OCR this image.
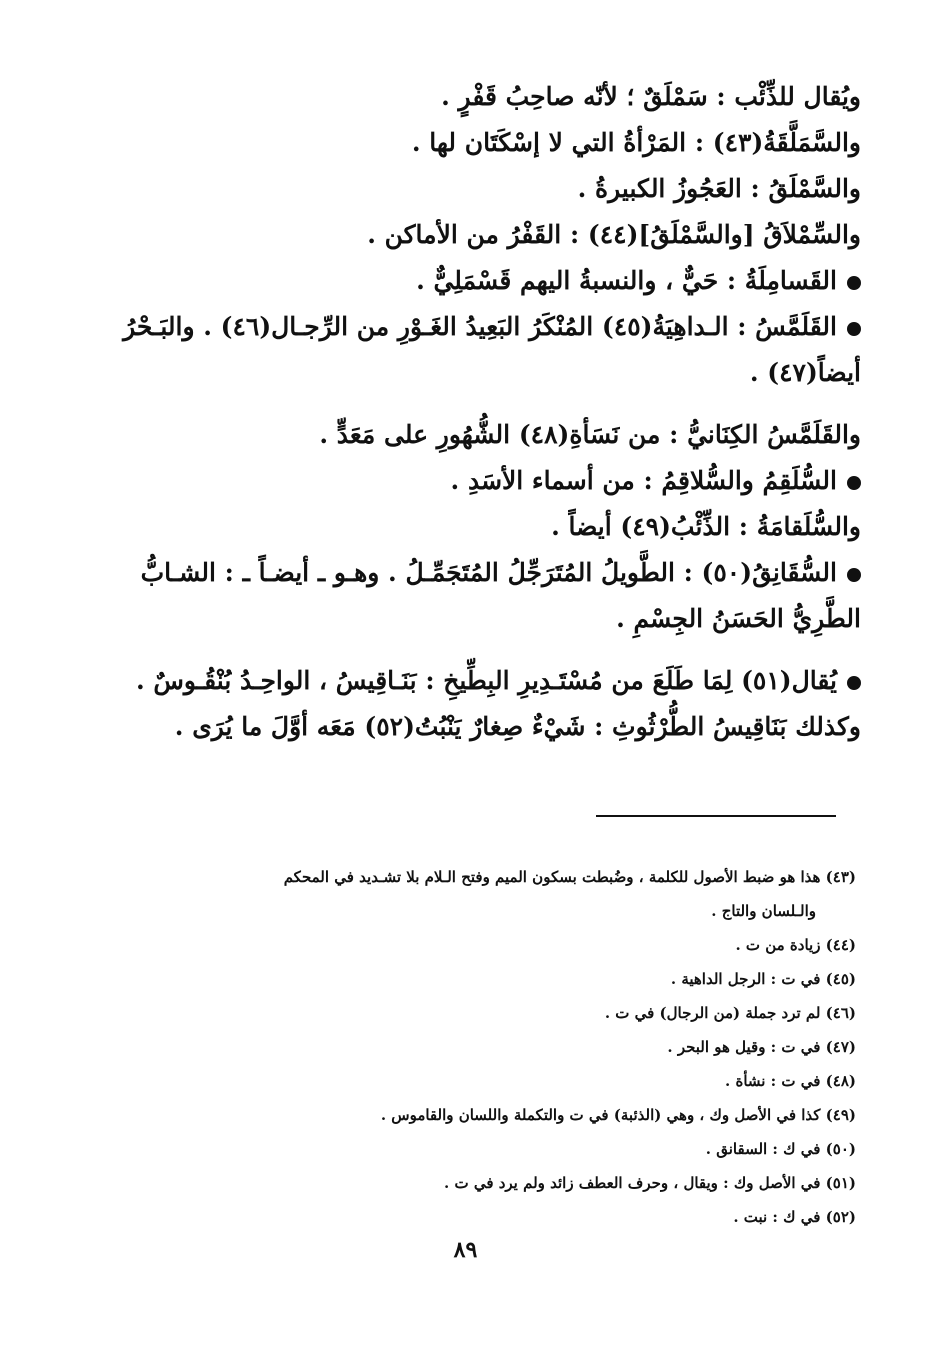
ويُقال للذِّئْب : سَمْلَقٌ ؛ لأنّه صاحِبُ قَفْرٍ .
والسَّمَلَّقَةُ(٤٣) : المَرْأةُ التي لا إسْكَتَان لها .
والسَّمْلَقُ : العَجُوزُ الكبيرةُ .
والسِّمْلاَقُ [والسَّمْلَقُ](٤٤) : القَفْرُ من الأماكن .
القَسامِلَةُ : حَيٌّ ، والنسبةُ اليهم قَسْمَلِيٌّ .
القَلَمَّسُ : الـداهِيَةُ(٤٥) المُنْكَرُ البَعِيدُ الغَـوْرِ من الرِّجـال(٤٦) . والبَـحْرُ
أيضاً(٤٧) .
والقَلَمَّسُ الكِنَانيُّ : من نَسَأةِ(٤٨) الشُّهُورِ على مَعَدٍّ .
السُّلَقِمُ والسُّلاقِمُ : من أسماء الأسَدِ .
والسُّلَقامَةُ : الذِّئْبُ(٤٩) أيضاً .
السُّقَانِقُ(٥٠) : الطَّويلُ المُتَرَجِّلُ المُتَجَمِّـلُ . وهـو ـ أيضـاً ـ : الشـابُّ
الطَّرِيُّ الحَسَنُ الجِسْمِ .
يُقال(٥١) لِمَا طَلَعَ من مُسْتَـدِيرِ البِطِّيخِ : بَنَـاقِيسُ ، الواحِـدُ بُنْقُـوسٌ .
وكذلك بَنَاقِيسُ الطُّرْثُوثِ : شَيْءٌ صِغارٌ يَنْبُتُ(٥٢) مَعَه أوَّلَ ما يُرَى .
(٤٣) هذا هو ضبط الأصول للكلمة ، وضُبطت بسكون الميم وفتح الـلام بلا تشـديد في المحكم
والـلسان والتاج .
(٤٤) زيادة من ت .
(٤٥) في ت : الرجل الداهية .
(٤٦) لم ترد جملة (من الرجال) في ت .
(٤٧) في ت : وقيل هو البحر .
(٤٨) في ت : نشأة .
(٤٩) كذا في الأصل وك ، وهي (الذئبة) في ت والتكملة واللسان والقاموس .
(٥٠) في ك : السقانق .
(٥١) في الأصل وك : ويقال ، وحرف العطف زائد ولم يرد في ت .
(٥٢) في ك : نبت .
٨٩
